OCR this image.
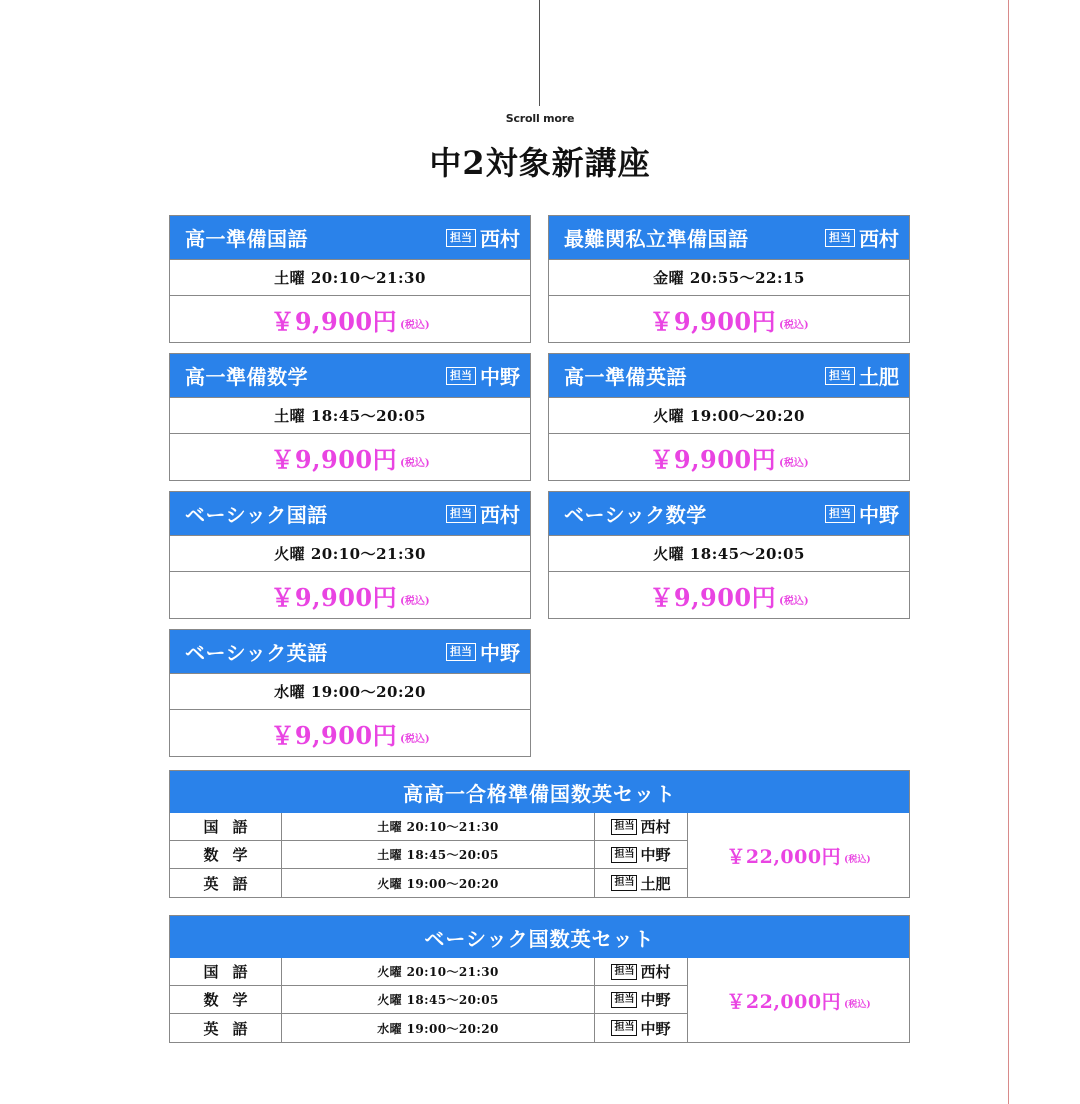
Scroll more
中2対象新講座
高一準備国語	担当 西村
土曜 20:10〜21:30
￥9,900円 (税込)
最難関私立準備国語	担当 西村
金曜 20:55〜22:15
￥9,900円 (税込)
高一準備数学	担当 中野
土曜 18:45〜20:05
￥9,900円 (税込)
高一準備英語	担当 土肥
火曜 19:00〜20:20
￥9,900円 (税込)
ベーシック国語	担当 西村
火曜 20:10〜21:30
￥9,900円 (税込)
ベーシック数学	担当 中野
火曜 18:45〜20:05
￥9,900円 (税込)
ベーシック英語	担当 中野
水曜 19:00〜20:20
￥9,900円 (税込)
高高一合格準備国数英セット
国語	土曜 20:10〜21:30	担当 西村
数学	土曜 18:45〜20:05	担当 中野
英語	火曜 19:00〜20:20	担当 土肥
￥22,000円 (税込)
ベーシック国数英セット
国語	火曜 20:10〜21:30	担当 西村
数学	火曜 18:45〜20:05	担当 中野
英語	水曜 19:00〜20:20	担当 中野
￥22,000円 (税込)
